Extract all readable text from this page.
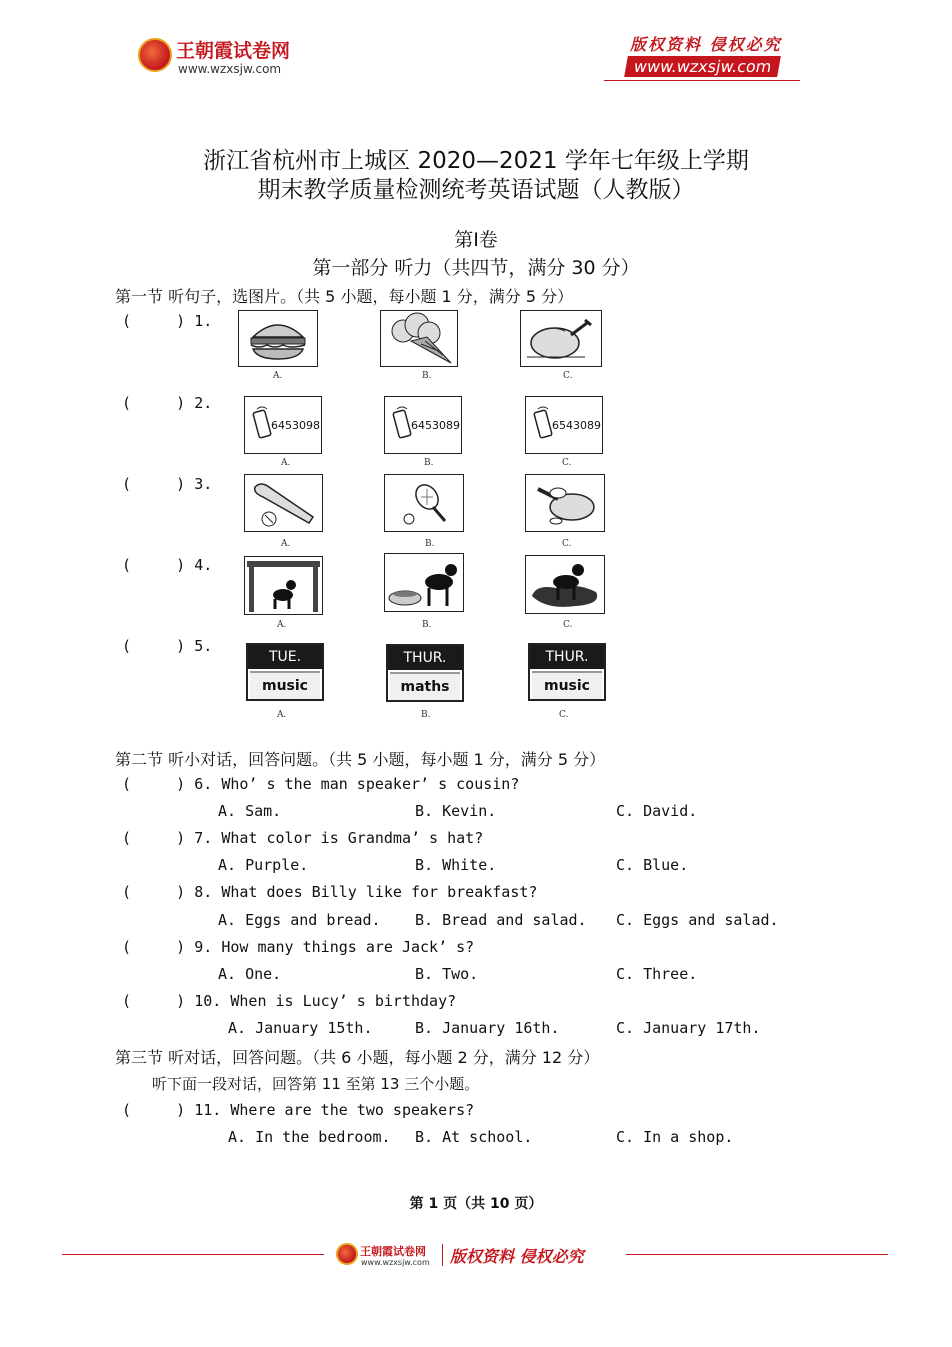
王朝霞试卷网
www.wzxsjw.com
版权资料 侵权必究
www.wzxsjw.com
浙江省杭州市上城区 2020—2021 学年七年级上学期
期末教学质量检测统考英语试题（人教版）
第Ⅰ卷
第一部分 听力（共四节，满分 30 分）
第一节 听句子，选图片。（共 5 小题，每小题 1 分，满分 5 分）
(     ) 1.
A.	B.	C.
(     ) 2.
6453098	6453089	6543089
A.	B.	C.
(     ) 3.
A.	B.	C.
(     ) 4.
A.	B.	C.
(     ) 5.
TUE.
music
THUR.
maths
THUR.
music
A.	B.	C.
第二节 听小对话，回答问题。（共 5 小题，每小题 1 分，满分 5 分）
(     ) 6. Who’ s the man speaker’ s cousin?
A. Sam.	B. Kevin.	C. David.
(     ) 7. What color is Grandma’ s hat?
A. Purple.	B. White.	C. Blue.
(     ) 8. What does Billy like for breakfast?
A. Eggs and bread. B. Bread and salad. C. Eggs and salad.
(     ) 9. How many things are Jack’ s?
A. One.	B. Two.	C. Three.
(     ) 10. When is Lucy’ s birthday?
A. January 15th.	B. January 16th.	C. January 17th.
第三节 听对话，回答问题。（共 6 小题，每小题 2 分，满分 12 分）
听下面一段对话，回答第 11 至第 13 三个小题。
(     ) 11. Where are the two speakers?
A. In the bedroom. B. At school.	C. In a shop.
第 1 页（共 10 页）
王朝霞试卷网
www.wzxsjw.com 版权资料 侵权必究
